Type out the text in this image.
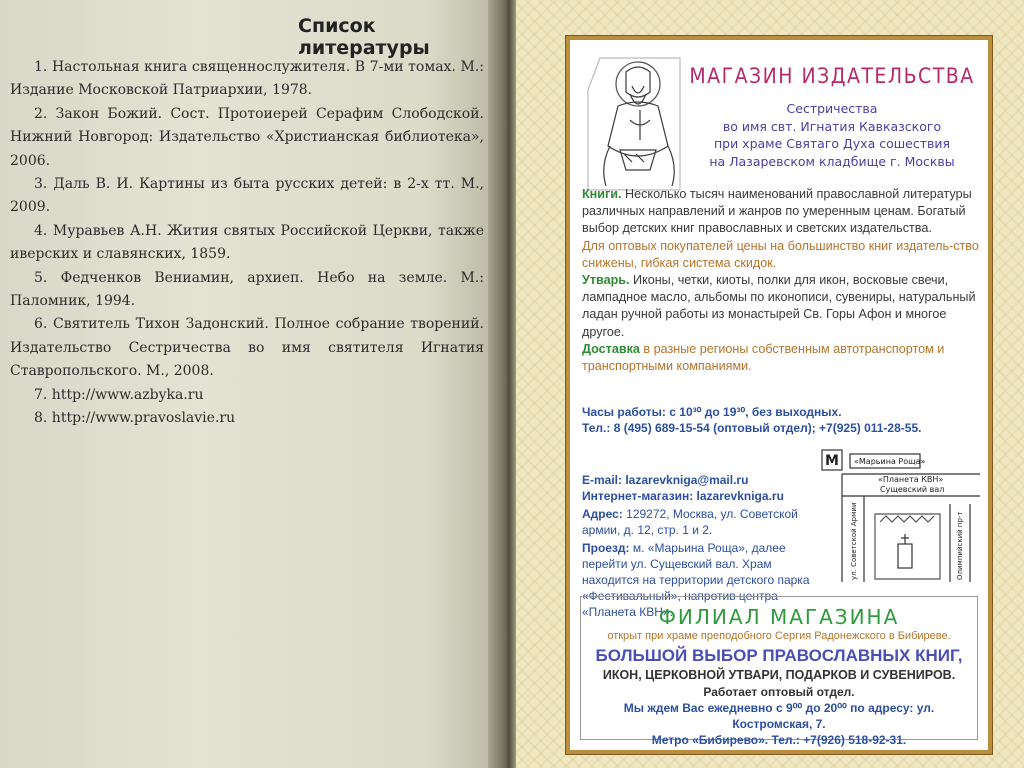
Список литературы

1. Настольная книга священнослужителя. В 7-ми томах. М.: Издание Московской Патриархии, 1978.

2. Закон Божий. Сост. Протоиерей Серафим Слободской. Нижний Новгород: Издательство «Христианская библиотека», 2006.

3. Даль В. И. Картины из быта русских детей: в 2-х тт. М., 2009.

4. Муравьев А.Н. Жития святых Российской Церкви, также иверских и славянских, 1859.

5. Федченков Вениамин, архиеп. Небо на земле. М.: Паломник, 1994.

6. Святитель Тихон Задонский. Полное собрание творений. Издательство Сестричества во имя святителя Игнатия Ставропольского. М., 2008.

7. http://www.azbyka.ru

8. http://www.pravoslavie.ru

МАГАЗИН ИЗДАТЕЛЬСТВА
Сестричества
во имя свт. Игнатия Кавказского
при храме Святаго Духа сошествия
на Лазаревском кладбище г. Москвы

Книги. Несколько тысяч наименований православной литературы различных направлений и жанров по умеренным ценам. Богатый выбор детских книг православных и светских издательства.

Для оптовых покупателей цены на большинство книг издатель-ство снижены, гибкая система скидок.

Утварь. Иконы, четки, киоты, полки для икон, восковые свечи, лампадное масло, альбомы по иконописи, сувениры, натуральный ладан ручной работы из монастырей Св. Горы Афон и многое другое.

Доставка в разные регионы собственным автотранспортом и транспортными компаниями.

Часы работы: с 10³⁰ до 19³⁰, без выходных.
Тел.: 8 (495) 689-15-54 (оптовый отдел); +7(925) 011-28-55.
E-mail: lazarevkniga@mail.ru
Интернет-магазин: lazarevkniga.ru
Адрес: 129272, Москва, ул. Советской армии, д. 12, стр. 1 и 2.
Проезд: м. «Марьина Роща», далее перейти ул. Сущевский вал. Храм находится на территории детского парка «Фестивальный», напротив центра «Планета КВН».
М «Марьина Роща»
«Планета КВН»
Сущевский вал
ул. Советской Армии	Олимпийский пр-т
ФИЛИАЛ МАГАЗИНА
открыт при храме преподобного Сергия Радонежского в Бибиреве.
БОЛЬШОЙ ВЫБОР ПРАВОСЛАВНЫХ КНИГ,
ИКОН, ЦЕРКОВНОЙ УТВАРИ, ПОДАРКОВ И СУВЕНИРОВ.
Работает оптовый отдел.
Мы ждем Вас ежедневно с 9⁰⁰ до 20⁰⁰ по адресу: ул. Костромская, 7.
Метро «Бибирево». Тел.: +7(926) 518-92-31.
